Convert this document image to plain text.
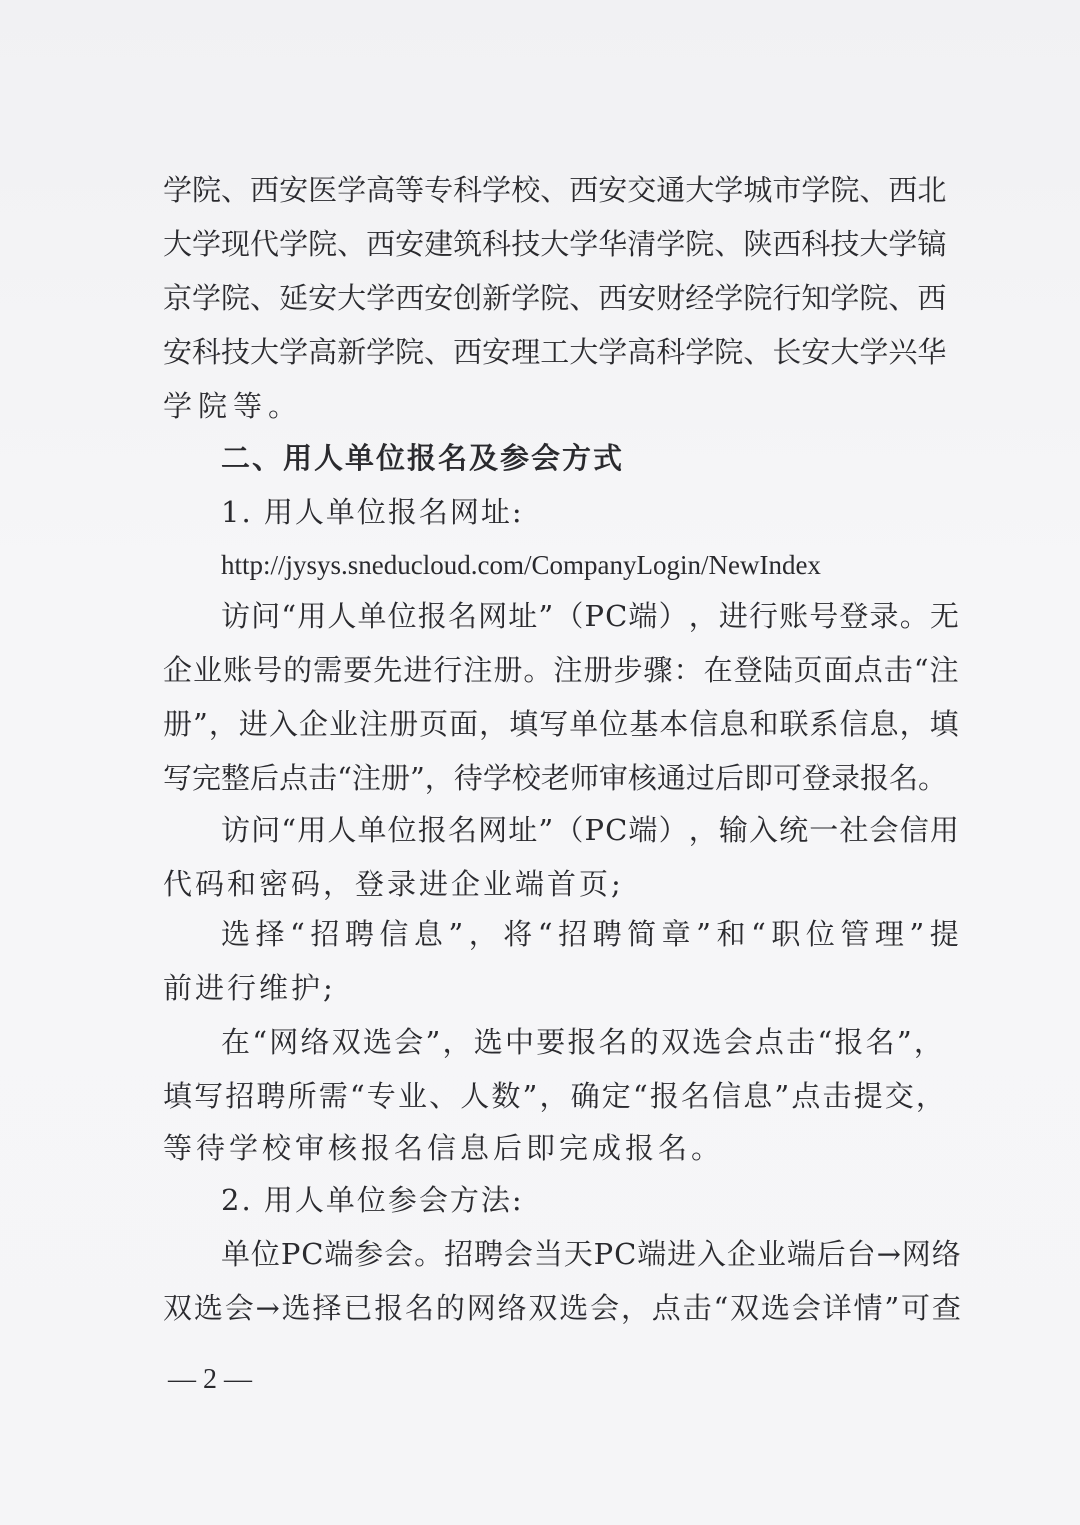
学 院 、 西 安 医 学 高 等 专 科 学 校 、 西 安 交 通 大 学 城 市 学 院 、 西 北
大 学 现 代 学 院 、 西 安 建 筑 科 技 大 学 华 清 学 院 、 陕 西 科 技 大 学 镐
京 学 院 、 延 安 大 学 西 安 创 新 学 院 、 西 安 财 经 学 院 行 知 学 院 、 西
安 科 技 大 学 高 新 学 院 、 西 安 理 工 大 学 高 科 学 院 、 长 安 大 学 兴 华
学院等。
二、用人单位报名及参会方式
1. 用人单位报名网址:
http://jysys.sneducloud.com/CompanyLogin/NewIndex
访 问 “ 用 人 单 位 报 名 网 址 ” （ P C 端 ） ， 进 行 账 号 登 录 。 无
企 业 账 号 的 需 要 先 进 行 注 册 。 注 册 步 骤 ： 在 登 陆 页 面 点 击 “ 注
册 ” ， 进 入 企 业 注 册 页 面 ， 填 写 单 位 基 本 信 息 和 联 系 信 息 ， 填
写 完 整 后 点 击 “ 注 册 ” ， 待 学 校 老 师 审 核 通 过 后 即 可 登 录 报 名 。
访 问 “ 用 人 单 位 报 名 网 址 ” （ P C 端 ） ， 输 入 统 一 社 会 信 用
代码和密码，登录进企业端首页;
选 择 “ 招 聘 信 息 ” ， 将 “ 招 聘 简 章 ” 和 “ 职 位 管 理 ” 提
前进行维护;
在 “ 网 络 双 选 会 ” ， 选 中 要 报 名 的 双 选 会 点 击 “ 报 名 ” ，
填 写 招 聘 所 需 “ 专 业 、 人 数 ” ， 确 定 “ 报 名 信 息 ” 点 击 提 交 ，
等待学校审核报名信息后即完成报名。
2. 用人单位参会方法:
单 位 P C 端 参 会 。 招 聘 会 当 天 P C 端 进 入 企 业 端 后 台 → 网 络
双 选 会 → 选 择 已 报 名 的 网 络 双 选 会 ， 点 击 “ 双 选 会 详 情 ” 可 查
— 2 —
